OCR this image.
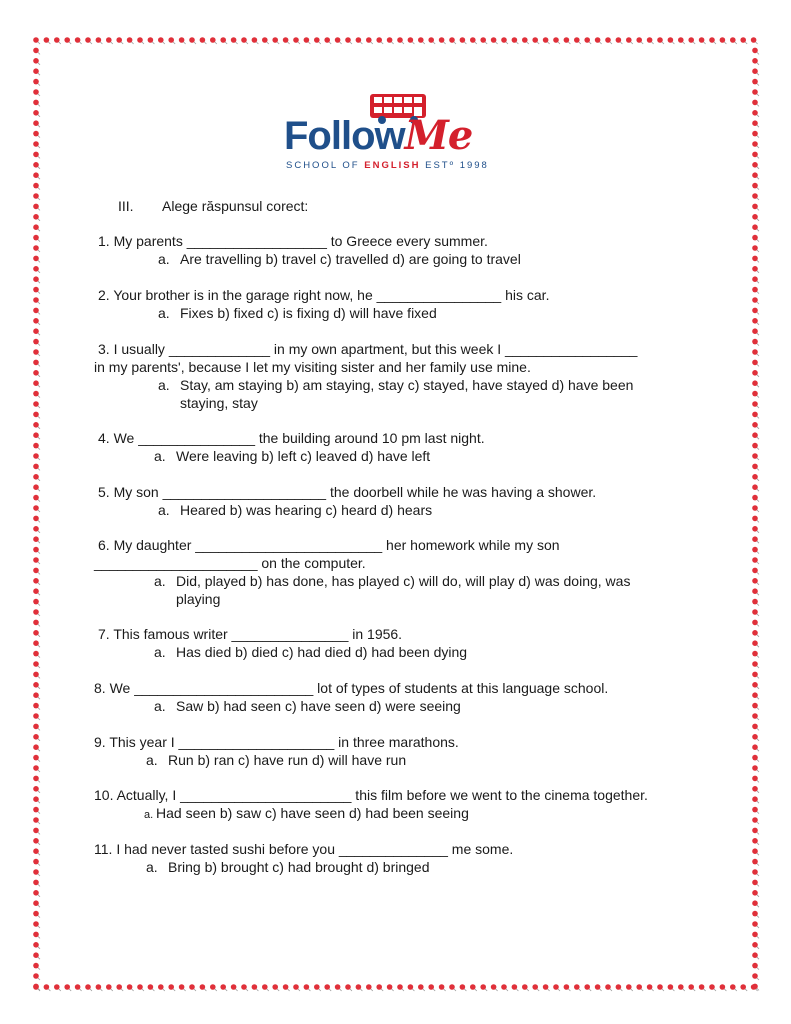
FollowMe
SCHOOL OF ENGLISH ESTº 1998
III. Alege răspunsul corect:
1. My parents __________________ to Greece every summer.
a. Are travelling b) travel c) travelled d) are going to travel
2. Your brother is in the garage right now, he ________________ his car.
a. Fixes b) fixed c) is fixing d) will have fixed
3. I usually _____________ in my own apartment, but this week I _________________
in my parents', because I let my visiting sister and her family use mine.
a. Stay, am staying b) am staying, stay c) stayed, have stayed d) have been
staying, stay
4. We _______________ the building around 10 pm last night.
a. Were leaving b) left c) leaved d) have left
5. My son _____________________ the doorbell while he was having a shower.
a. Heared b) was hearing c) heard d) hears
6. My daughter ________________________ her homework while my son
_____________________ on the computer.
a. Did, played b) has done, has played c) will do, will play d) was doing, was
playing
7. This famous writer _______________ in 1956.
a. Has died b) died c) had died d) had been dying
8. We _______________________ lot of types of students at this language school.
a. Saw b) had seen c) have seen d) were seeing
9. This year I ____________________ in three marathons.
a. Run b) ran c) have run d) will have run
10. Actually, I ______________________ this film before we went to the cinema together.
a. Had seen b) saw c) have seen d) had been seeing
11. I had never tasted sushi before you ______________ me some.
a. Bring b) brought c) had brought d) bringed
